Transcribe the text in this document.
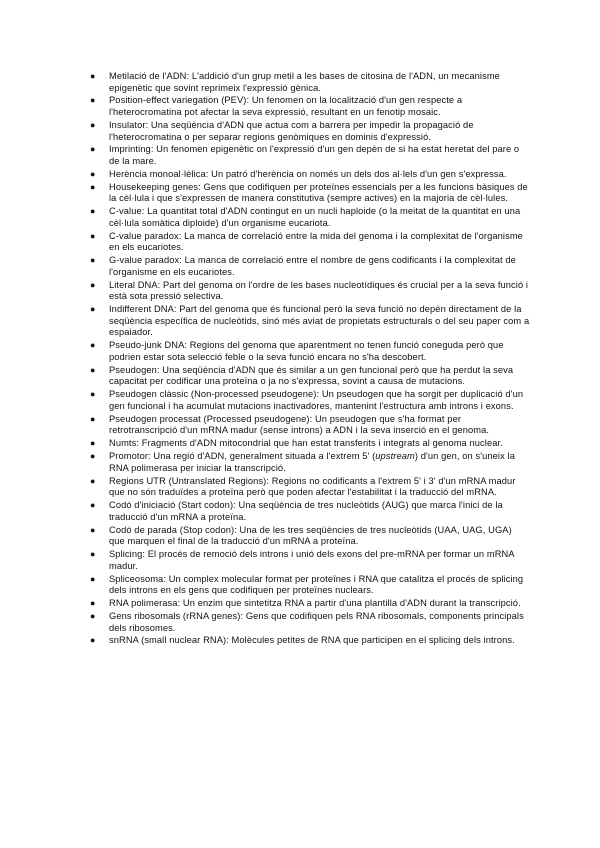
● Metilació de l'ADN: L'addició d'un grup metil a les bases de citosina de l'ADN, un mecanisme epigenètic que sovint reprimeix l'expressió gènica.
● Position-effect variegation (PEV): Un fenomen on la localització d'un gen respecte a l'heterocromatina pot afectar la seva expressió, resultant en un fenotip mosaic.
● Insulator: Una seqüència d'ADN que actua com a barrera per impedir la propagació de l'heterocromatina o per separar regions genòmiques en dominis d'expressió.
● Imprinting: Un fenomen epigenètic on l'expressió d'un gen depèn de si ha estat heretat del pare o de la mare.
● Herència monoal·lèlica: Un patró d'herència on només un dels dos al·lels d'un gen s'expressa.
● Housekeeping genes: Gens que codifiquen per proteïnes essencials per a les funcions bàsiques de la cèl·lula i que s'expressen de manera constitutiva (sempre actives) en la majoria de cèl·lules.
● C-value: La quantitat total d'ADN contingut en un nucli haploide (o la meitat de la quantitat en una cèl·lula somàtica diploide) d'un organisme eucariota.
● C-value paradox: La manca de correlació entre la mida del genoma i la complexitat de l'organisme en els eucariotes.
● G-value paradox: La manca de correlació entre el nombre de gens codificants i la complexitat de l'organisme en els eucariotes.
● Literal DNA: Part del genoma on l'ordre de les bases nucleotídiques és crucial per a la seva funció i està sota pressió selectiva.
● Indifferent DNA: Part del genoma que és funcional però la seva funció no depèn directament de la seqüència específica de nucleòtids, sinó més aviat de propietats estructurals o del seu paper com a espaiador.
● Pseudo-junk DNA: Regions del genoma que aparentment no tenen funció coneguda però que podrien estar sota selecció feble o la seva funció encara no s'ha descobert.
● Pseudogen: Una seqüència d'ADN que és similar a un gen funcional però que ha perdut la seva capacitat per codificar una proteïna o ja no s'expressa, sovint a causa de mutacions.
● Pseudogen clàssic (Non-processed pseudogene): Un pseudogen que ha sorgit per duplicació d'un gen funcional i ha acumulat mutacions inactivadores, mantenint l'estructura amb introns i exons.
● Pseudogen processat (Processed pseudogene): Un pseudogen que s'ha format per retrotranscripció d'un mRNA madur (sense introns) a ADN i la seva inserció en el genoma.
● Numts: Fragments d'ADN mitocondrial que han estat transferits i integrats al genoma nuclear.
● Promotor: Una regió d'ADN, generalment situada a l'extrem 5' (upstream) d'un gen, on s'uneix la RNA polimerasa per iniciar la transcripció.
● Regions UTR (Untranslated Regions): Regions no codificants a l'extrem 5' i 3' d'un mRNA madur que no són traduïdes a proteïna però que poden afectar l'estabilitat i la traducció del mRNA.
● Codó d'iniciació (Start codon): Una seqüència de tres nucleòtids (AUG) que marca l'inici de la traducció d'un mRNA a proteïna.
● Codó de parada (Stop codon): Una de les tres seqüències de tres nucleòtids (UAA, UAG, UGA) que marquen el final de la traducció d'un mRNA a proteïna.
● Splicing: El procés de remoció dels introns i unió dels exons del pre-mRNA per formar un mRNA madur.
● Spliceosoma: Un complex molecular format per proteïnes i RNA que catalitza el procés de splicing dels introns en els gens que codifiquen per proteïnes nuclears.
● RNA polimerasa: Un enzim que sintetitza RNA a partir d'una plantilla d'ADN durant la transcripció.
● Gens ribosomals (rRNA genes): Gens que codifiquen pels RNA ribosomals, components principals dels ribosomes.
● snRNA (small nuclear RNA): Molècules petites de RNA que participen en el splicing dels introns.
